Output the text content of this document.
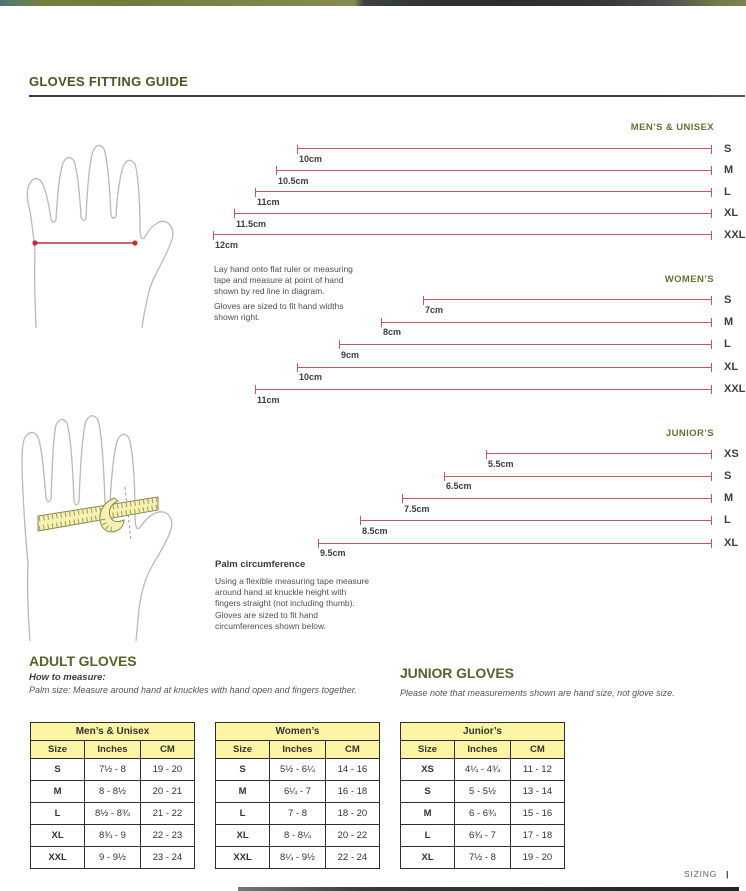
GLOVES FITTING GUIDE
MEN’S & UNISEX
10cm
S
10.5cm
M
11cm
L
11.5cm
XL
12cm
XXL
WOMEN’S
7cm
S
8cm
M
9cm
L
10cm
XL
11cm
XXL
JUNIOR’S
5.5cm
XS
6.5cm
S
7.5cm
M
8.5cm
L
9.5cm
XL
Lay hand onto flat ruler or measuring tape and measure at point of hand shown by red line in diagram.
Gloves are sized to fit hand widths shown right.
Palm circumference
Using a flexible measuring tape measure around hand at knuckle height with fingers straight (not including thumb).
Gloves are sized to fit hand circumferences shown below.
ADULT GLOVES
How to measure:
Palm size: Measure around hand at knuckles with hand open and fingers together.
JUNIOR GLOVES
Please note that measurements shown are hand size, not glove size.
Men’s & Unisex		
Size	Inches	CM
S	7½ - 8	19 - 20
M	8 - 8½	20 - 21
L	8½ - 8¾	21 - 22
XL	8¾ - 9	22 - 23
XXL	9 - 9½	23 - 24
Women’s		
Size	Inches	CM
S	5½ - 6¼	14 - 16
M	6¼ - 7	16 - 18
L	7 - 8	18 - 20
XL	8 - 8¼	20 - 22
XXL	8¼ - 9½	22 - 24
Junior’s		
Size	Inches	CM
XS	4¼ - 4¾	11 - 12
S	5 - 5½	13 - 14
M	6 - 6¾	15 - 16
L	6¾ - 7	17 - 18
XL	7½ - 8	19 - 20
SIZING |
